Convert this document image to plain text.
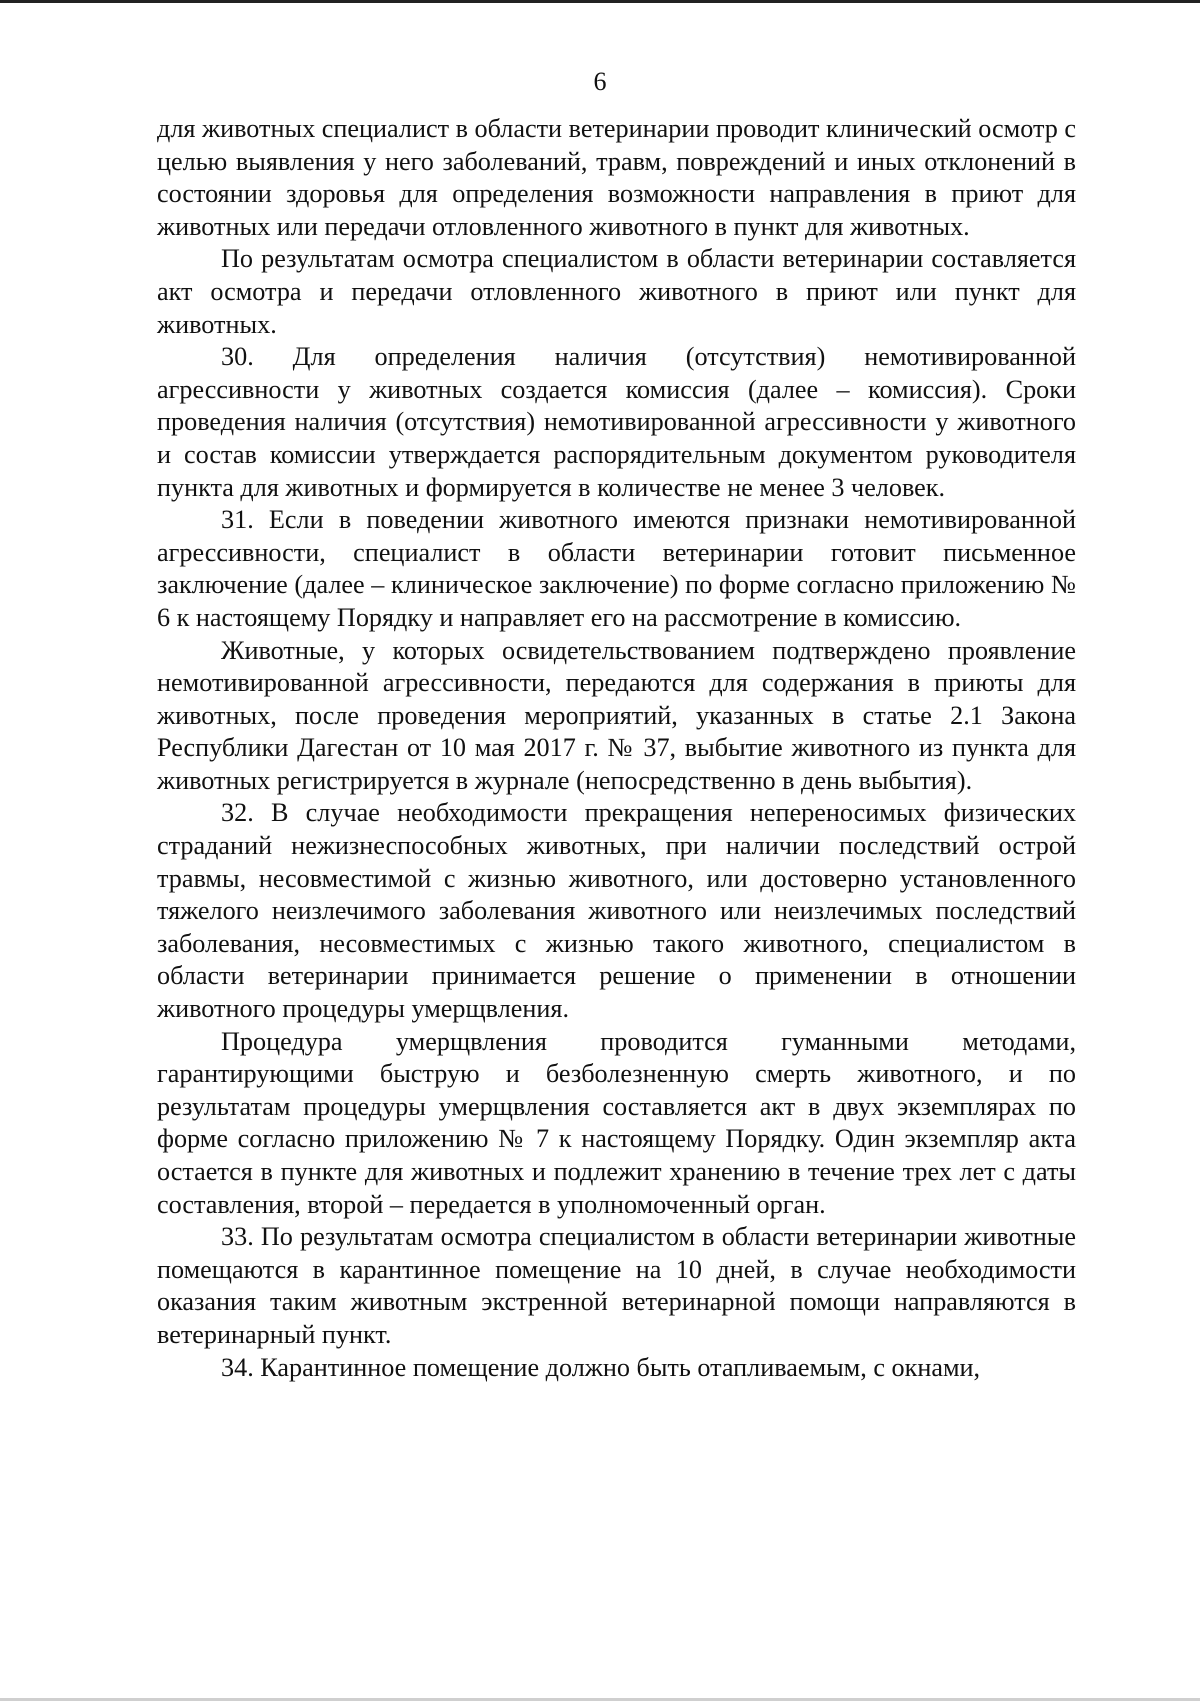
6

для животных специалист в области ветеринарии проводит клинический осмотр с целью выявления у него заболеваний, травм, повреждений и иных отклонений в состоянии здоровья для определения возможности направления в приют для животных или передачи отловленного животного в пункт для животных.

По результатам осмотра специалистом в области ветеринарии составляется акт осмотра и передачи отловленного животного в приют или пункт для животных.

30. Для определения наличия (отсутствия) немотивированной агрессивности у животных создается комиссия (далее – комиссия). Сроки проведения наличия (отсутствия) немотивированной агрессивности у животного и состав комиссии утверждается распорядительным документом руководителя пункта для животных и формируется в количестве не менее 3 человек.

31. Если в поведении животного имеются признаки немотивированной агрессивности, специалист в области ветеринарии готовит письменное заключение (далее – клиническое заключение) по форме согласно приложению № 6 к настоящему Порядку и направляет его на рассмотрение в комиссию.

Животные, у которых освидетельствованием подтверждено проявление немотивированной агрессивности, передаются для содержания в приюты для животных, после проведения мероприятий, указанных в статье 2.1 Закона Республики Дагестан от 10 мая 2017 г. № 37, выбытие животного из пункта для животных регистрируется в журнале (непосредственно в день выбытия).

32. В случае необходимости прекращения непереносимых физических страданий нежизнеспособных животных, при наличии последствий острой травмы, несовместимой с жизнью животного, или достоверно установленного тяжелого неизлечимого заболевания животного или неизлечимых последствий заболевания, несовместимых с жизнью такого животного, специалистом в области ветеринарии принимается решение о применении в отношении животного процедуры умерщвления.

Процедура умерщвления проводится гуманными методами, гарантирующими быструю и безболезненную смерть животного, и по результатам процедуры умерщвления составляется акт в двух экземплярах по форме согласно приложению № 7 к настоящему Порядку. Один экземпляр акта остается в пункте для животных и подлежит хранению в течение трех лет с даты составления, второй – передается в уполномоченный орган.

33. По результатам осмотра специалистом в области ветеринарии животные помещаются в карантинное помещение на 10 дней, в случае необходимости оказания таким животным экстренной ветеринарной помощи направляются в ветеринарный пункт.

34. Карантинное помещение должно быть отапливаемым, с окнами,
